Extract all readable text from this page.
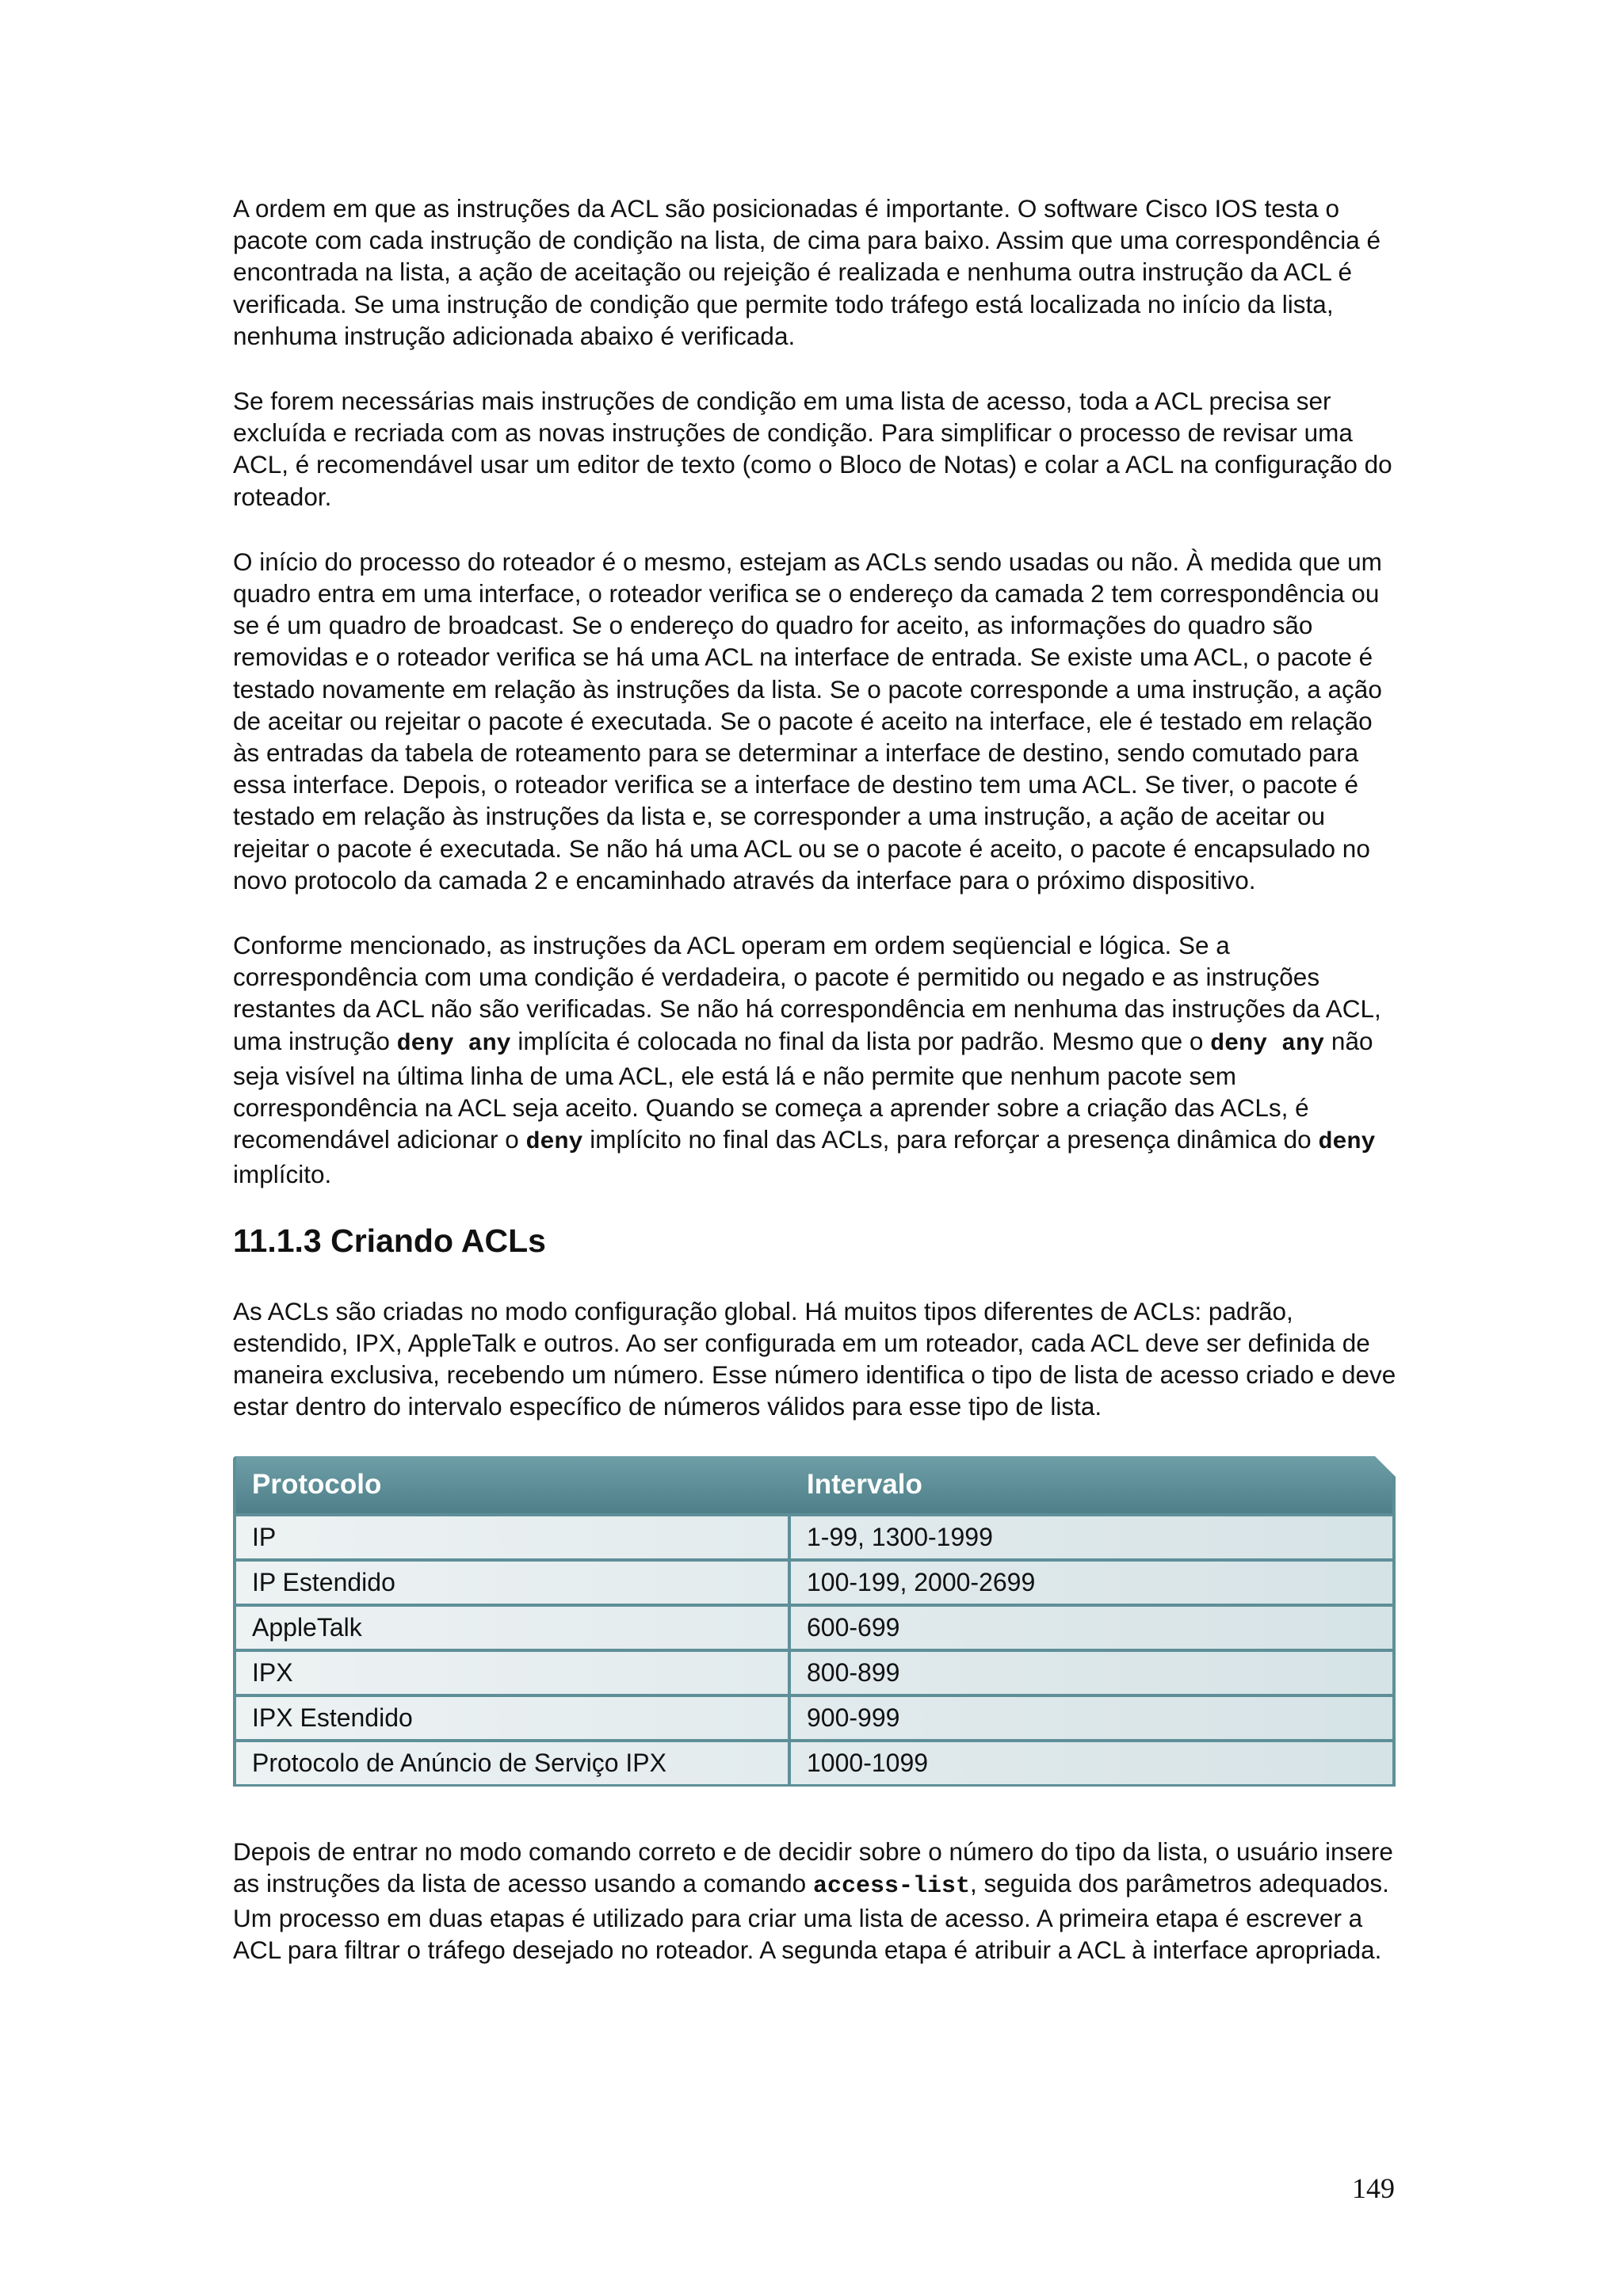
A ordem em que as instruções da ACL são posicionadas é importante. O software Cisco IOS testa o pacote com cada instrução de condição na lista, de cima para baixo. Assim que uma correspondência é encontrada na lista, a ação de aceitação ou rejeição é realizada e nenhuma outra instrução da ACL é verificada. Se uma instrução de condição que permite todo tráfego está localizada no início da lista, nenhuma instrução adicionada abaixo é verificada.

Se forem necessárias mais instruções de condição em uma lista de acesso, toda a ACL precisa ser excluída e recriada com as novas instruções de condição. Para simplificar o processo de revisar uma ACL, é recomendável usar um editor de texto (como o Bloco de Notas) e colar a ACL na configuração do roteador.

O início do processo do roteador é o mesmo, estejam as ACLs sendo usadas ou não. À medida que um quadro entra em uma interface, o roteador verifica se o endereço da camada 2 tem correspondência ou se é um quadro de broadcast. Se o endereço do quadro for aceito, as informações do quadro são removidas e o roteador verifica se há uma ACL na interface de entrada. Se existe uma ACL, o pacote é testado novamente em relação às instruções da lista. Se o pacote corresponde a uma instrução, a ação de aceitar ou rejeitar o pacote é executada. Se o pacote é aceito na interface, ele é testado em relação às entradas da tabela de roteamento para se determinar a interface de destino, sendo comutado para essa interface. Depois, o roteador verifica se a interface de destino tem uma ACL. Se tiver, o pacote é testado em relação às instruções da lista e, se corresponder a uma instrução, a ação de aceitar ou rejeitar o pacote é executada. Se não há uma ACL ou se o pacote é aceito, o pacote é encapsulado no novo protocolo da camada 2 e encaminhado através da interface para o próximo dispositivo.

Conforme mencionado, as instruções da ACL operam em ordem seqüencial e lógica. Se a correspondência com uma condição é verdadeira, o pacote é permitido ou negado e as instruções restantes da ACL não são verificadas. Se não há correspondência em nenhuma das instruções da ACL, uma instrução deny any implícita é colocada no final da lista por padrão. Mesmo que o deny any não seja visível na última linha de uma ACL, ele está lá e não permite que nenhum pacote sem correspondência na ACL seja aceito. Quando se começa a aprender sobre a criação das ACLs, é recomendável adicionar o deny implícito no final das ACLs, para reforçar a presença dinâmica do deny implícito.

11.1.3 Criando ACLs

As ACLs são criadas no modo configuração global. Há muitos tipos diferentes de ACLs: padrão, estendido, IPX, AppleTalk e outros. Ao ser configurada em um roteador, cada ACL deve ser definida de maneira exclusiva, recebendo um número. Esse número identifica o tipo de lista de acesso criado e deve estar dentro do intervalo específico de números válidos para esse tipo de lista.

Protocolo	Intervalo
IP	1-99, 1300-1999
IP Estendido	100-199, 2000-2699
AppleTalk	600-699
IPX	800-899
IPX Estendido	900-999
Protocolo de Anúncio de Serviço IPX	1000-1099

Depois de entrar no modo comando correto e de decidir sobre o número do tipo da lista, o usuário insere as instruções da lista de acesso usando a comando access-list, seguida dos parâmetros adequados. Um processo em duas etapas é utilizado para criar uma lista de acesso. A primeira etapa é escrever a ACL para filtrar o tráfego desejado no roteador. A segunda etapa é atribuir a ACL à interface apropriada.

149
